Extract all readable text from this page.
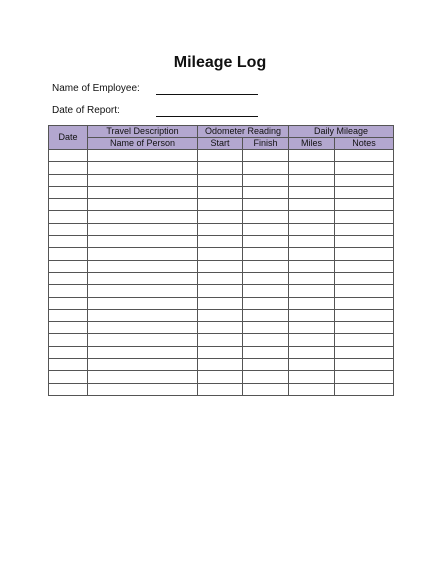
Mileage Log
Name of Employee:
Date of Report:
Date	Travel Description	Odometer Reading		Daily Mileage	
	Name of Person	Start	Finish	Miles	Notes
